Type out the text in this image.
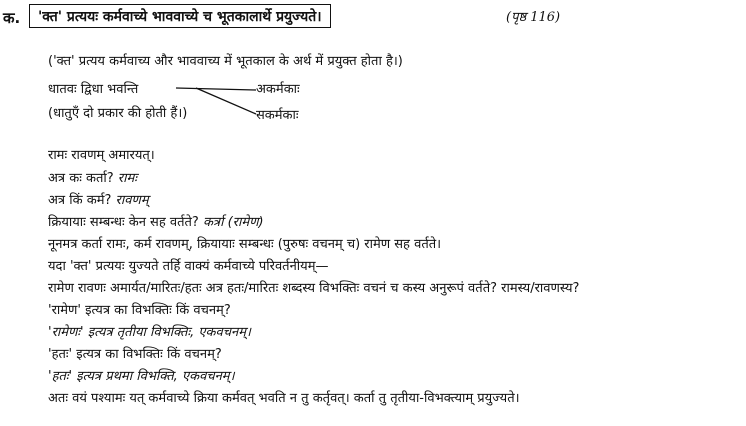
क.	'क्त' प्रत्ययः कर्मवाच्ये भाववाच्ये च भूतकालार्थे प्रयुज्यते।	(पृष्ठ 116)
('क्त' प्रत्यय कर्मवाच्य और भाववाच्य में भूतकाल के अर्थ में प्रयुक्त होता है।)
धातवः द्विधा भवन्ति
(धातुएँ दो प्रकार की होती हैं।)
अकर्मकाः
सकर्मकाः
रामः रावणम् अमारयत्।
अत्र कः कर्ता? रामः
अत्र किं कर्म? रावणम्
क्रियायाः सम्बन्धः केन सह वर्तते? कर्त्रा (रामेण)
नूनमत्र कर्ता रामः, कर्म रावणम्, क्रियायाः सम्बन्धः (पुरुषः वचनम् च) रामेण सह वर्तते।
यदा 'क्त' प्रत्ययः युज्यते तर्हि वाक्यं कर्मवाच्ये परिवर्तनीयम्—
रामेण रावणः अमार्यत/मारितः/हतः अत्र हतः/मारितः शब्दस्य विभक्तिः वचनं च कस्य अनुरूपं वर्तते? रामस्य/रावणस्य?
'रामेण' इत्यत्र का विभक्तिः किं वचनम्?
'रामेणः' इत्यत्र तृतीया विभक्तिः, एकवचनम्।
'हतः' इत्यत्र का विभक्तिः किं वचनम्?
'हतः' इत्यत्र प्रथमा विभक्ति, एकवचनम्।
अतः वयं पश्यामः यत् कर्मवाच्ये क्रिया कर्मवत् भवति न तु कर्तृवत्। कर्ता तु तृतीया-विभक्त्याम् प्रयुज्यते।
